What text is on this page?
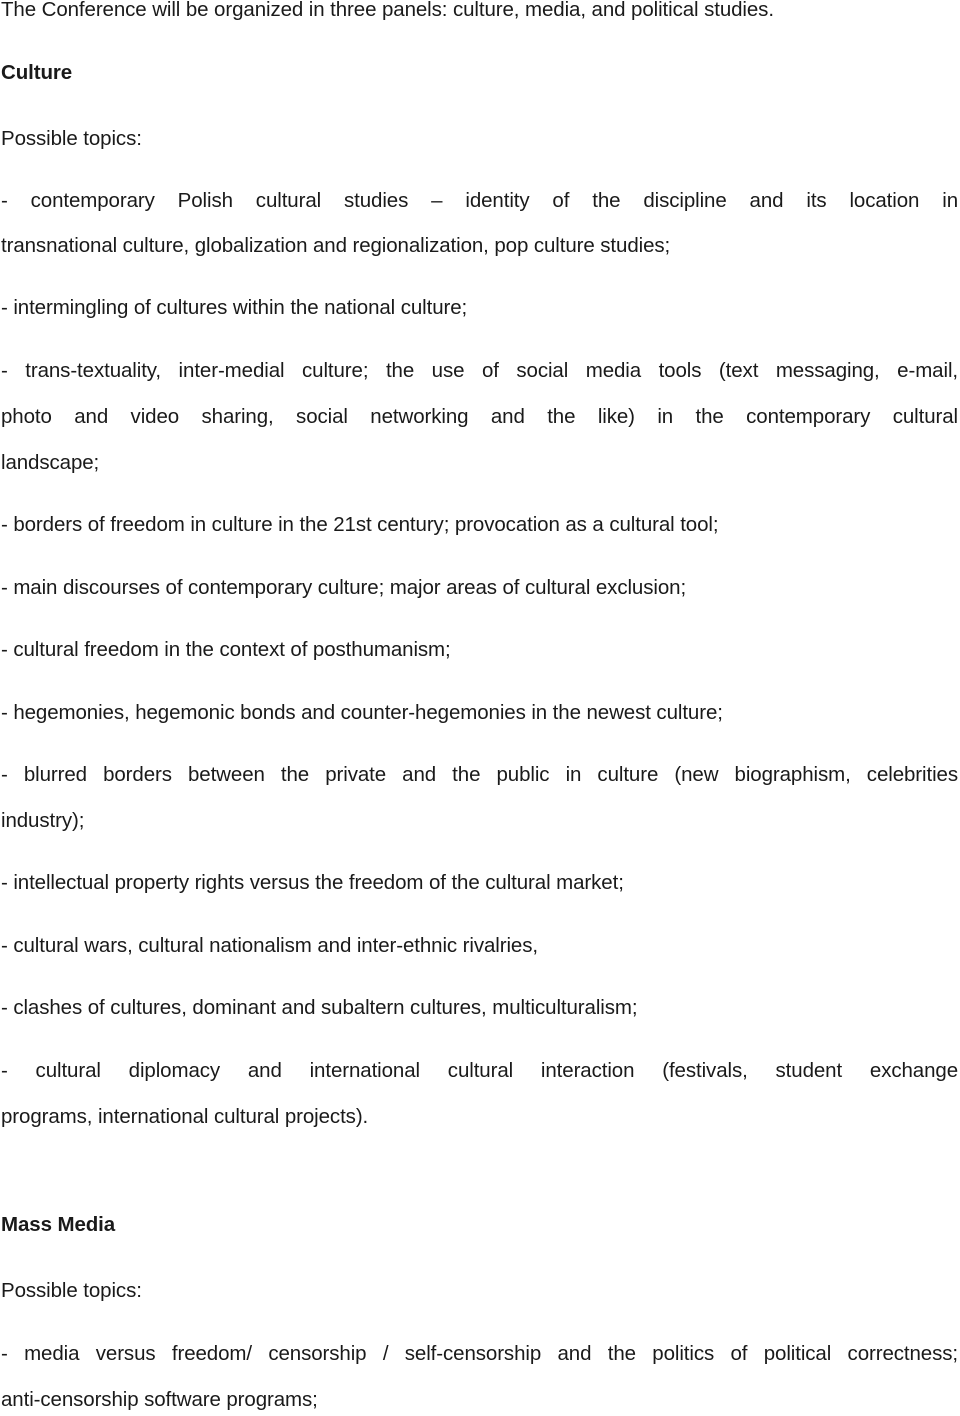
The Conference will be organized in three panels: culture, media, and political studies.

Culture

Possible topics:

- contemporary Polish cultural studies – identity of the discipline and its location in

transnational culture, globalization and regionalization, pop culture studies;

- intermingling of cultures within the national culture;

- trans-textuality, inter-medial culture; the use of social media tools (text messaging, e-mail,

photo and video sharing, social networking and the like) in the contemporary cultural

landscape;

- borders of freedom in culture in the 21st century; provocation as a cultural tool;

- main discourses of contemporary culture; major areas of cultural exclusion;

- cultural freedom in the context of posthumanism;

- hegemonies, hegemonic bonds and counter-hegemonies in the newest culture;

- blurred borders between the private and the public in culture (new biographism, celebrities

industry);

- intellectual property rights versus the freedom of the cultural market;

- cultural wars, cultural nationalism and inter-ethnic rivalries,

- clashes of cultures, dominant and subaltern cultures, multiculturalism;

- cultural diplomacy and international cultural interaction (festivals, student exchange

programs, international cultural projects).

Mass Media

Possible topics:

- media versus freedom/ censorship / self-censorship and the politics of political correctness;

anti-censorship software programs;
